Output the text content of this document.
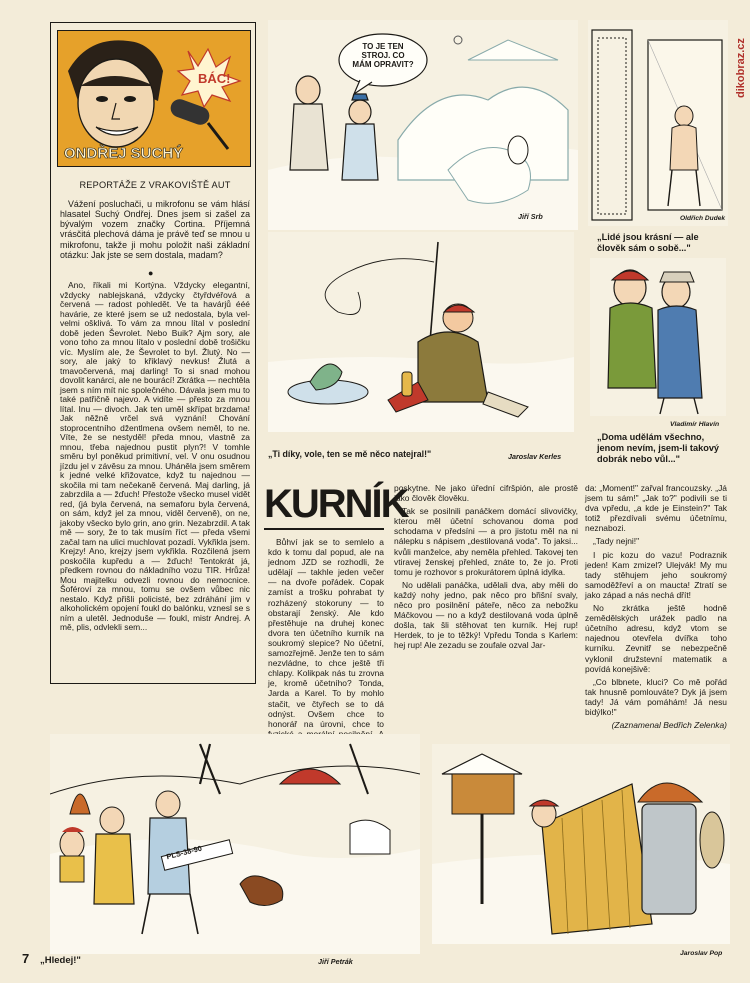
dikobraz.cz
BÁC!
ONDŘEJ SUCHÝ
REPORTÁŽE Z VRAKOVIŠTĚ AUT

Vážení posluchači, u mikrofonu se vám hlásí hlasatel Suchý Ondřej. Dnes jsem si zašel za bývalým vozem značky Cortina. Příjemná vrásčitá plechová dáma je právě teď se mnou u mikrofonu, takže ji mohu položit naši základní otázku: Jak jste se sem dostala, madam?

●

Ano, říkali mi Kortýna. Vždycky elegantní, vždycky nablejskaná, vždycky čtyřdvéřová a červená — radost pohledět. Ve ta havárjů ééé havárie, ze které jsem se už nedostala, byla vel-velmi ošklivá. To vám za mnou lítal v poslední době jeden Ševrolet. Nebo Buik? Ajm sory, ale vono toho za mnou lítalo v poslední době trošičku víc. Myslím ale, že Ševrolet to byl. Žlutý. No — sory, ale jaký to křiklavý nevkus! Žlutá a tmavočervená, maj darling! To si snad mohou dovolit kanárci, ale ne bourácí! Zkrátka — nechtěla jsem s ním mít nic společného. Dávala jsem mu to také patřičně najevo. A vidíte — přesto za mnou lítal. Inu — divoch. Jak ten uměl skřípat brzdama! Jak něžně vrčel svá vyznání! Chování stoprocentního džentlmena ovšem neměl, to ne. Víte, že se nestyděl! předa mnou, vlastně za mnou, třeba najednou pustit plyn?! V tomhle směru byl poněkud primitivní, vel. V onu osudnou jízdu jel v závěsu za mnou. Uháněla jsem směrem k jedné velké křižovatce, když tu najednou — skočila mi tam nečekaně červená. Maj darling, já zabrzdila a — žďuch! Přestože všecko musel vidět red, (já byla červená, na semaforu byla červená, on sám, když jel za mnou, viděl červeně), on ne, jakoby všecko bylo grin, ano grin. Nezabrzdil. A tak mě — sory, že to tak musím říct — předa všemi začal tam na ulici muchlovat pozadí. Vykřikla jsem. Krejzy! Ano, krejzy jsem vykřikla. Rozčilená jsem poskočila kupředu a — žďuch! Tentokrát já, předkem rovnou do nákladního vozu TIR. Hrůza! Mou majitelku odvezli rovnou do nemocnice. Šoféroví za mnou, tomu se ovšem vůbec nic nestalo. Když přišli policisté, bez zdráhání jim v alkoholickém opojení foukl do balónku, vznesl se s ním a uletěl. Jednoduše — foukl, mistr Andrej. A mě, plis, odvlekli sem...

TO JE TEN STROJ. CO MÁM OPRAVIT?
Jiří Srb	Oldřich Dudek
„Lidé jsou krásní — ale člověk sám o sobě..."
„Ti díky, vole, ten se mě něco natejral!"	Jaroslav Kerles
Vladimír Hlavín
„Doma udělám všechno, jenom nevím, jsem-li takový dobrák nebo vůl..."
KURNÍK

Bůhví jak se to semlelo a kdo k tomu dal popud, ale na jednom JZD se rozhodli, že udělají — takhle jeden večer — na dvoře pořádek. Copak zamíst a trošku pohrabat ty rozházený stokoruny — to obstarají ženský. Ale kdo přestěhuje na druhej konec dvora ten účetního kurník na soukromý slepice? No účetní, samozřejmě. Jenže ten to sám nezvládne, to chce ještě tři chlapy. Kolikpak nás tu zrovna je, kromě účetního? Tonda, Jarda a Karel. To by mohlo stačit, ve čtyřech se to dá odnýst. Ovšem chce to honorář na úrovni, chce to

poskytne. Ne jako úřední cifršpión, ale prostě jako člověk člověku.

Tak se posilnili panáčkem domácí slivovičky, kterou měl účetní schovanou doma pod schodama v předsíni — a pro jistotu měl na ni nálepku s nápisem „destilovaná voda". To jaksi... kvůli manželce, aby neměla přehled. Takovej ten vtiravej ženskej přehled, znáte to, že jo. Proti tomu je rozhovor s prokurátorem úplná idylka.

No udělali panáčka, udělali dva, aby měli do každý nohy jedno, pak něco pro břišní svaly, něco pro posilnění páteře, něco za nebožku Máčkovou — no a když destilovaná voda úplně došla, tak šli stěhovat ten kurník. Hej rup! Herdek, to je to těžký! Vpředu Tonda s Karlem: hej rup! Ale zezadu se zoufale ozval Jar-

da: „Moment!" zařval francouzsky. „Já jsem tu sám!" „Jak to?" podivili se ti dva vpředu, „a kde je Einstein?" Tak totiž přezdívali svému účetnímu, neznabozi.

„Tady nejni!"

I pic kozu do vazu! Podraznik jeden! Kam zmizel? Ulejvák! My mu tady stěhujem jeho soukromý samoděžřeví a on maucta! Ztratí se jako západ a nás nechá dřít!

No zkrátka ještě hodně zemědělských urážek padlo na účetního adresu, když vtom se najednou otevřela dvířka toho kurníku. Zevnitř se nebezpečně vyklonil družstevní matematik a povídá konejšivě:

„Co blbnete, kluci? Co mě pořád tak hnusně pomlouváte? Dyk já jsem tady! Já vám pomáhám! Já nesu bidýlko!"

(Zaznamenal Bedřich Zelenka)

PLS-38-90
Jiří Petrák
Jaroslav Pop
7 „Hledej!"
